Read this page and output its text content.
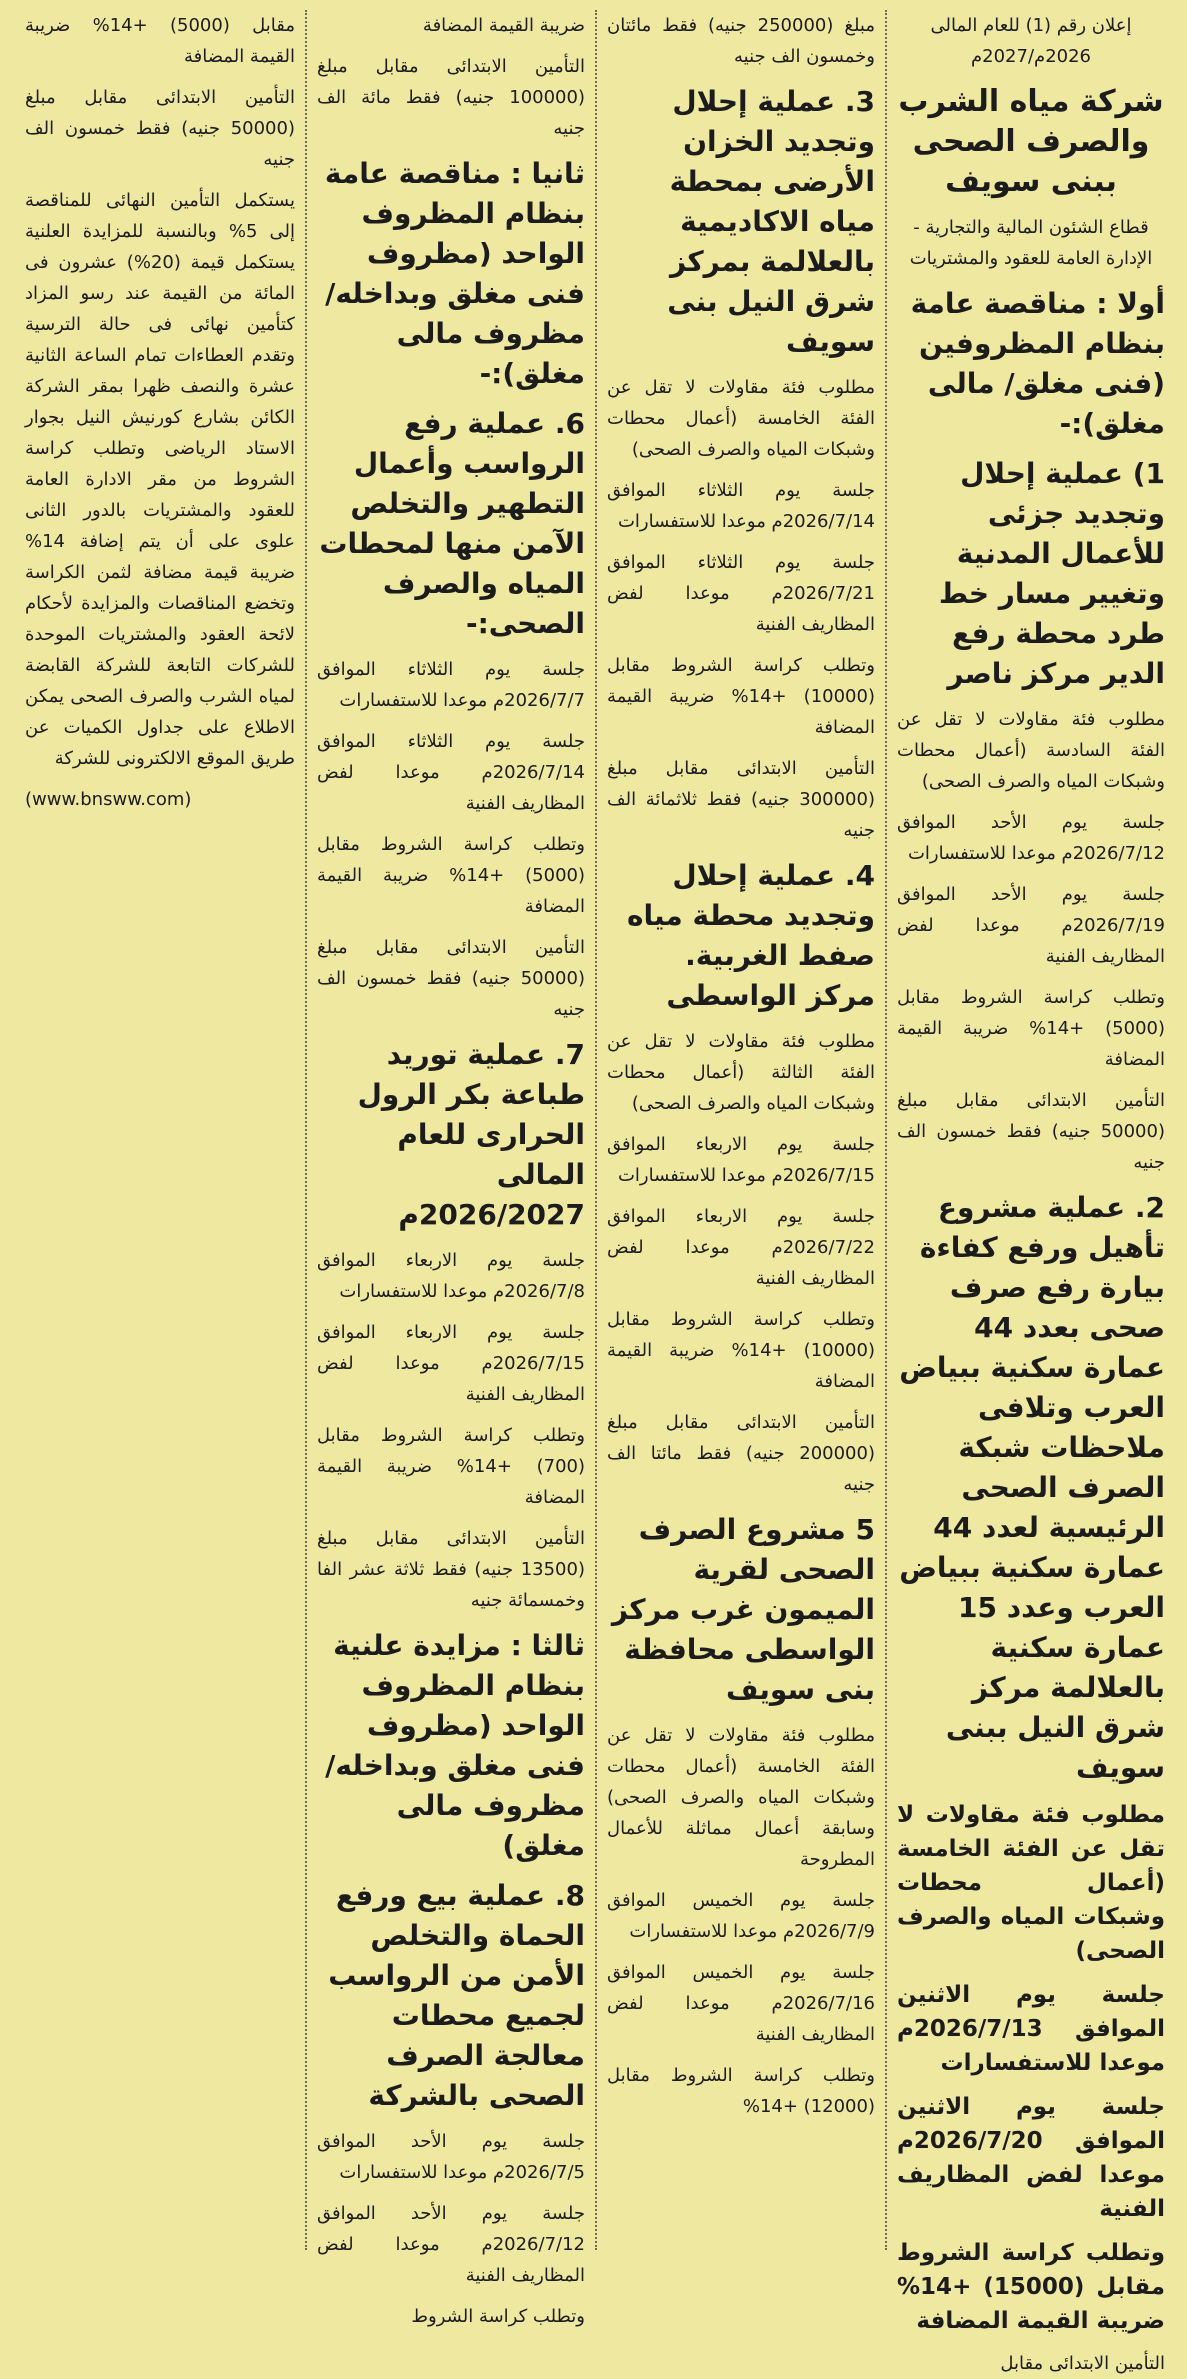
إعلان رقم (1) للعام المالى 2026م/2027م

شركة مياه الشرب والصرف الصحى ببنى سويف

قطاع الشئون المالية والتجارية - الإدارة العامة للعقود والمشتريات

أولا : مناقصة عامة بنظام المظروفين (فنى مغلق/ مالى مغلق):-

1) عملية إحلال وتجديد جزئى للأعمال المدنية وتغيير مسار خط طرد محطة رفع الدير مركز ناصر

مطلوب فئة مقاولات لا تقل عن الفئة السادسة (أعمال محطات وشبكات المياه والصرف الصحى)

جلسة يوم الأحد الموافق 2026/7/12م موعدا للاستفسارات

جلسة يوم الأحد الموافق 2026/7/19م موعدا لفض المظاريف الفنية

وتطلب كراسة الشروط مقابل (5000) +14% ضريبة القيمة المضافة

التأمين الابتدائى مقابل مبلغ (50000 جنيه) فقط خمسون الف جنيه

2. عملية مشروع تأهيل ورفع كفاءة بيارة رفع صرف صحى بعدد 44 عمارة سكنية ببياض العرب وتلافى ملاحظات شبكة الصرف الصحى الرئيسية لعدد 44 عمارة سكنية ببياض العرب وعدد 15 عمارة سكنية بالعلالمة مركز شرق النيل ببنى سويف

مطلوب فئة مقاولات لا تقل عن الفئة الخامسة (أعمال محطات وشبكات المياه والصرف الصحى)

جلسة يوم الاثنين الموافق 2026/7/13م موعدا للاستفسارات

جلسة يوم الاثنين الموافق 2026/7/20م موعدا لفض المظاريف الفنية

وتطلب كراسة الشروط مقابل (15000) +14% ضريبة القيمة المضافة

التأمين الابتدائى مقابل

مبلغ (250000 جنيه) فقط مائتان وخمسون الف جنيه

3. عملية إحلال وتجديد الخزان الأرضى بمحطة مياه الاكاديمية بالعلالمة بمركز شرق النيل بنى سويف

مطلوب فئة مقاولات لا تقل عن الفئة الخامسة (أعمال محطات وشبكات المياه والصرف الصحى)

جلسة يوم الثلاثاء الموافق 2026/7/14م موعدا للاستفسارات

جلسة يوم الثلاثاء الموافق 2026/7/21م موعدا لفض المظاريف الفنية

وتطلب كراسة الشروط مقابل (10000) +14% ضريبة القيمة المضافة

التأمين الابتدائى مقابل مبلغ (300000 جنيه) فقط ثلاثمائة الف جنيه

4. عملية إحلال وتجديد محطة مياه صفط الغربية. مركز الواسطى

مطلوب فئة مقاولات لا تقل عن الفئة الثالثة (أعمال محطات وشبكات المياه والصرف الصحى)

جلسة يوم الاربعاء الموافق 2026/7/15م موعدا للاستفسارات

جلسة يوم الاربعاء الموافق 2026/7/22م موعدا لفض المظاريف الفنية

وتطلب كراسة الشروط مقابل (10000) +14% ضريبة القيمة المضافة

التأمين الابتدائى مقابل مبلغ (200000 جنيه) فقط مائتا الف جنيه

5 مشروع الصرف الصحى لقرية الميمون غرب مركز الواسطى محافظة بنى سويف

مطلوب فئة مقاولات لا تقل عن الفئة الخامسة (أعمال محطات وشبكات المياه والصرف الصحى) وسابقة أعمال مماثلة للأعمال المطروحة

جلسة يوم الخميس الموافق 2026/7/9م موعدا للاستفسارات

جلسة يوم الخميس الموافق 2026/7/16م موعدا لفض المظاريف الفنية

وتطلب كراسة الشروط مقابل (12000) +14%

ضريبة القيمة المضافة

التأمين الابتدائى مقابل مبلغ (100000 جنيه) فقط مائة الف جنيه

ثانيا : مناقصة عامة بنظام المظروف الواحد (مظروف فنى مغلق وبداخله/ مظروف مالى مغلق):-

6. عملية رفع الرواسب وأعمال التطهير والتخلص الآمن منها لمحطات المياه والصرف الصحى:-

جلسة يوم الثلاثاء الموافق 2026/7/7م موعدا للاستفسارات

جلسة يوم الثلاثاء الموافق 2026/7/14م موعدا لفض المظاريف الفنية

وتطلب كراسة الشروط مقابل (5000) +14% ضريبة القيمة المضافة

التأمين الابتدائى مقابل مبلغ (50000 جنيه) فقط خمسون الف جنيه

7. عملية توريد طباعة بكر الرول الحرارى للعام المالى 2026/2027م

جلسة يوم الاربعاء الموافق 2026/7/8م موعدا للاستفسارات

جلسة يوم الاربعاء الموافق 2026/7/15م موعدا لفض المظاريف الفنية

وتطلب كراسة الشروط مقابل (700) +14% ضريبة القيمة المضافة

التأمين الابتدائى مقابل مبلغ (13500 جنيه) فقط ثلاثة عشر الفا وخمسمائة جنيه

ثالثا : مزايدة علنية بنظام المظروف الواحد (مظروف فنى مغلق وبداخله/ مظروف مالى مغلق)

8. عملية بيع ورفع الحماة والتخلص الأمن من الرواسب لجميع محطات معالجة الصرف الصحى بالشركة

جلسة يوم الأحد الموافق 2026/7/5م موعدا للاستفسارات

جلسة يوم الأحد الموافق 2026/7/12م موعدا لفض المظاريف الفنية

وتطلب كراسة الشروط

مقابل (5000) +14% ضريبة القيمة المضافة

التأمين الابتدائى مقابل مبلغ (50000 جنيه) فقط خمسون الف جنيه

يستكمل التأمين النهائى للمناقصة إلى 5% وبالنسبة للمزايدة العلنية يستكمل قيمة (20%) عشرون فى المائة من القيمة عند رسو المزاد كتأمين نهائى فى حالة الترسية وتقدم العطاءات تمام الساعة الثانية عشرة والنصف ظهرا بمقر الشركة الكائن بشارع كورنيش النيل بجوار الاستاد الرياضى وتطلب كراسة الشروط من مقر الادارة العامة للعقود والمشتريات بالدور الثانى علوى على أن يتم إضافة 14% ضريبة قيمة مضافة لثمن الكراسة وتخضع المناقصات والمزايدة لأحكام لائحة العقود والمشتريات الموحدة للشركات التابعة للشركة القابضة لمياه الشرب والصرف الصحى يمكن الاطلاع على جداول الكميات عن طريق الموقع الالكترونى للشركة

(www.bnsww.com)
